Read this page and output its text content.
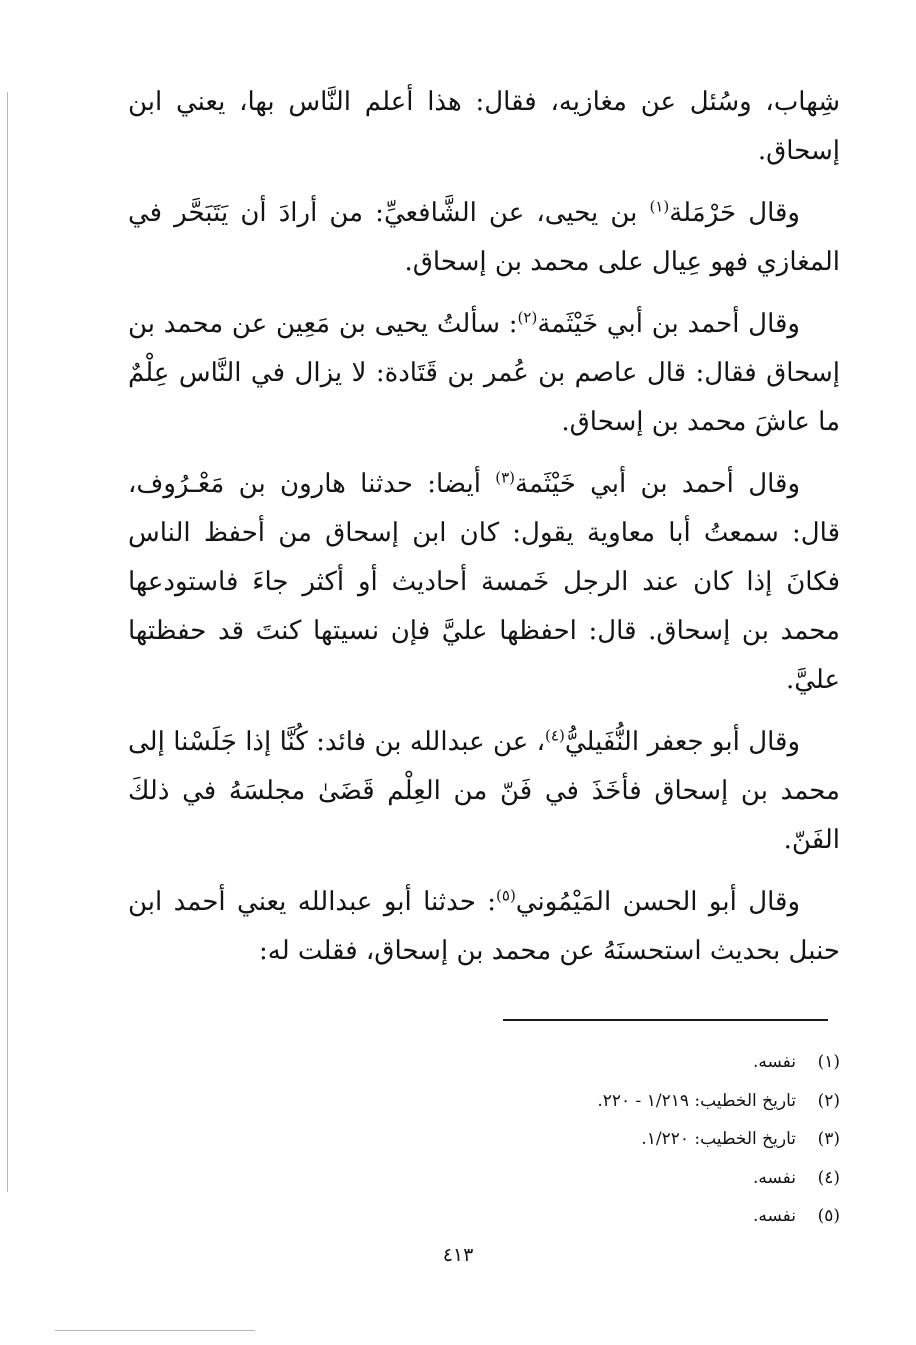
شِهاب، وسُئل عن مغازيه، فقال: هذا أعلم النَّاس بها، يعني ابن إسحاق.

وقال حَرْمَلة$^{(١)}$ بن يحيى، عن الشَّافعيِّ: من أرادَ أن يَتَبَحَّر في المغازي فهو عِيال على محمد بن إسحاق.

وقال أحمد بن أبي خَيْثَمة$^{(٢)}$: سألتُ يحيى بن مَعِين عن محمد بن إسحاق فقال: قال عاصم بن عُمر بن قَتَادة: لا يزال في النَّاس عِلْمٌ ما عاشَ محمد بن إسحاق.

وقال أحمد بن أبي خَيْثَمة$^{(٣)}$ أيضا: حدثنا هارون بن مَعْـرُوف، قال: سمعتُ أبا معاوية يقول: كان ابن إسحاق من أحفظ الناس فكانَ إذا كان عند الرجل خَمسة أحاديث أو أكثر جاءَ فاستودعها محمد بن إسحاق. قال: احفظها عليَّ فإن نسيتها كنتَ قد حفظتها عليَّ.

وقال أبو جعفر النُّفَيليُّ$^{(٤)}$، عن عبدالله بن فائد: كُنَّا إذا جَلَسْنا إلى محمد بن إسحاق فأخَذَ في فَنّ من العِلْم قَضَىٰ مجلسَهُ في ذلكَ الفَنّ.

وقال أبو الحسن المَيْمُوني$^{(٥)}$: حدثنا أبو عبدالله يعني أحمد ابن حنبل بحديث استحسنَهُ عن محمد بن إسحاق، فقلت له:

(١)نفسه.
(٢)تاريخ الخطيب: ١/٢١٩ - ٢٢٠.
(٣)تاريخ الخطيب: ١/٢٢٠.
(٤)نفسه.
(٥)نفسه.
٤١٣
